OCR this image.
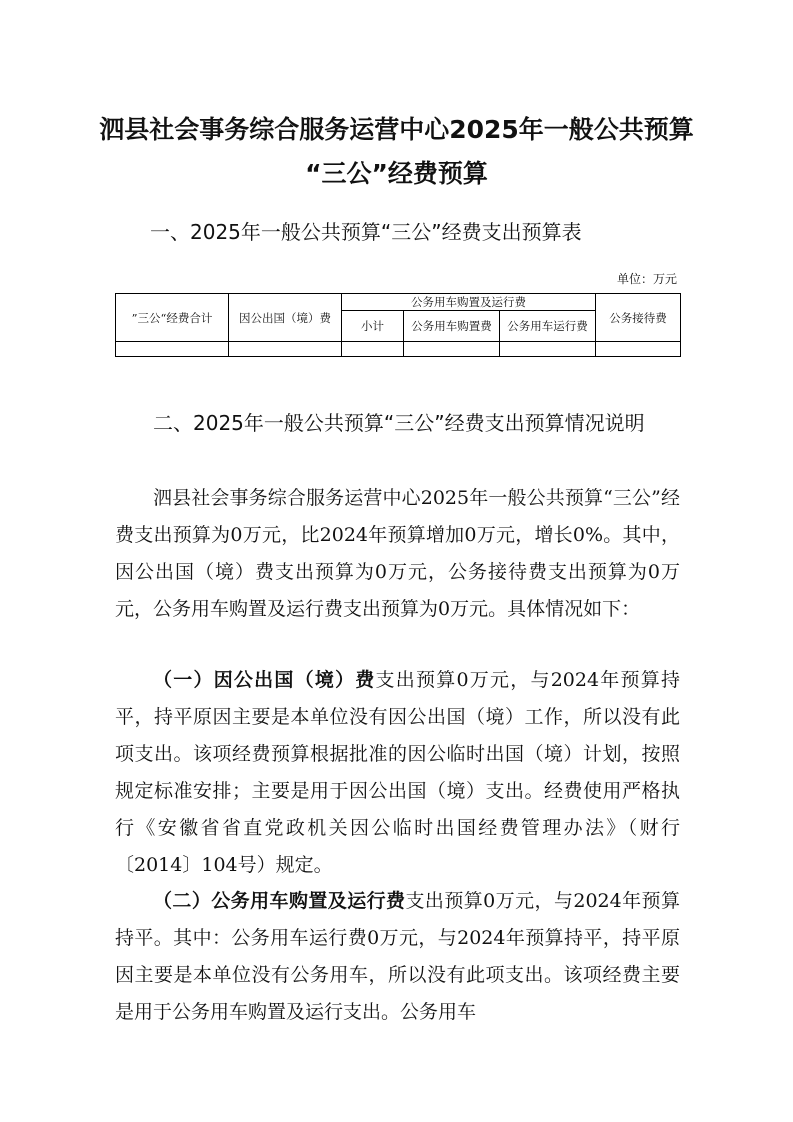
泗县社会事务综合服务运营中心2025年一般公共预算
“三公”经费预算
一、2025年一般公共预算“三公”经费支出预算表
单位：万元
”三公“经费合计	因公出国（境）费	公务用车购置及运行费			公务接待费
		小计	公务用车购置费	公务用车运行费	

二、2025年一般公共预算“三公”经费支出预算情况说明
泗县社会事务综合服务运营中心2025年一般公共预算“三公”经费支出预算为0万元，比2024年预算增加0万元，增长0%。其中，因公出国（境）费支出预算为0万元，公务接待费支出预算为0万元，公务用车购置及运行费支出预算为0万元。具体情况如下：
（一）因公出国（境）费支出预算0万元，与2024年预算持平，持平原因主要是本单位没有因公出国（境）工作，所以没有此项支出。该项经费预算根据批准的因公临时出国（境）计划，按照规定标准安排；主要是用于因公出国（境）支出。经费使用严格执行《安徽省省直党政机关因公临时出国经费管理办法》（财行〔2014〕104号）规定。
（二）公务用车购置及运行费支出预算0万元，与2024年预算持平。其中：公务用车运行费0万元，与2024年预算持平，持平原因主要是本单位没有公务用车，所以没有此项支出。该项经费主要是用于公务用车购置及运行支出。公务用车
